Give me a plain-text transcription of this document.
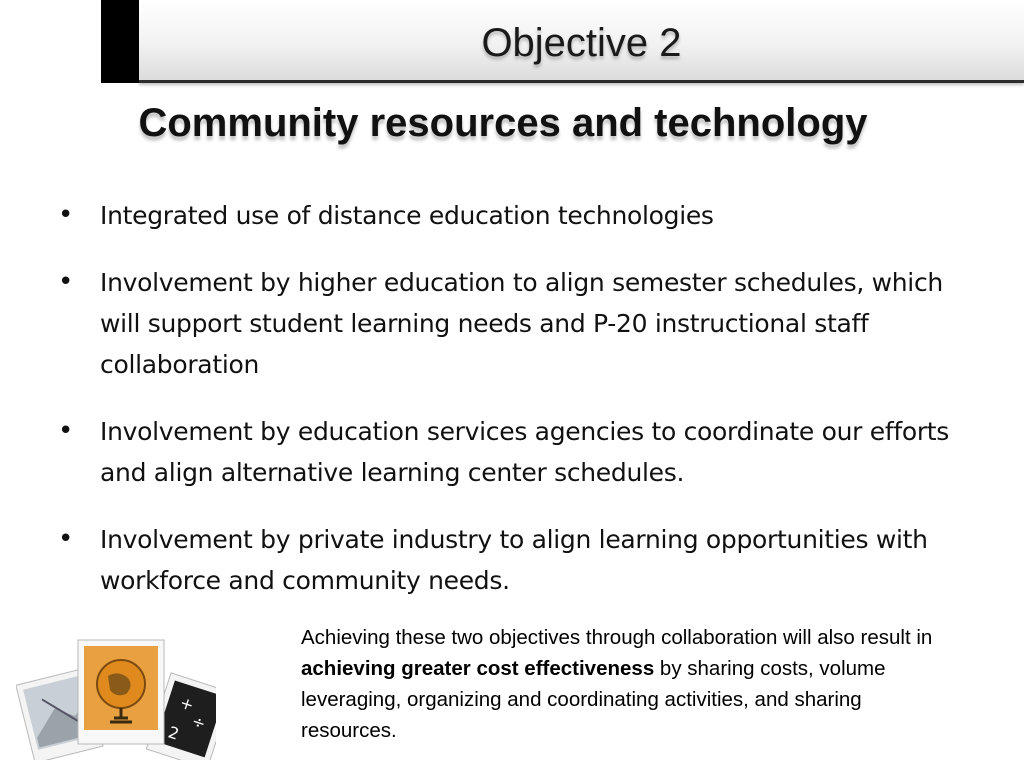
Objective 2
Community resources and technology
• Integrated use of distance education technologies
• Involvement by higher education to align semester schedules, which will support student learning needs and P-20 instructional staff collaboration
• Involvement by education services agencies to coordinate our efforts and align alternative learning center schedules.
• Involvement by private industry to align learning opportunities with workforce and community needs.
Achieving these two objectives through collaboration will also result in achieving greater cost effectiveness by sharing costs, volume leveraging, organizing and coordinating activities, and sharing resources.
+
÷
2
